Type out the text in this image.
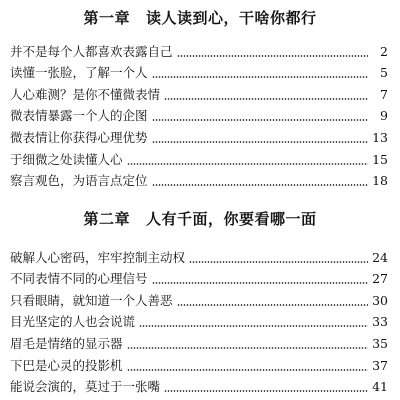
第一章 读人读到心，干啥你都行
并不是每个人都喜欢表露自己	2
读懂一张脸，了解一个人	5
人心难测？是你不懂微表情	7
微表情暴露一个人的企图	9
微表情让你获得心理优势	13
于细微之处读懂人心	15
察言观色，为语言点定位	18
第二章 人有千面，你要看哪一面
破解人心密码，牢牢控制主动权	24
不同表情不同的心理信号	27
只看眼睛，就知道一个人善恶	30
目光坚定的人也会说谎	33
眉毛是情绪的显示器	35
下巴是心灵的投影机	37
能说会演的，莫过于一张嘴	41
